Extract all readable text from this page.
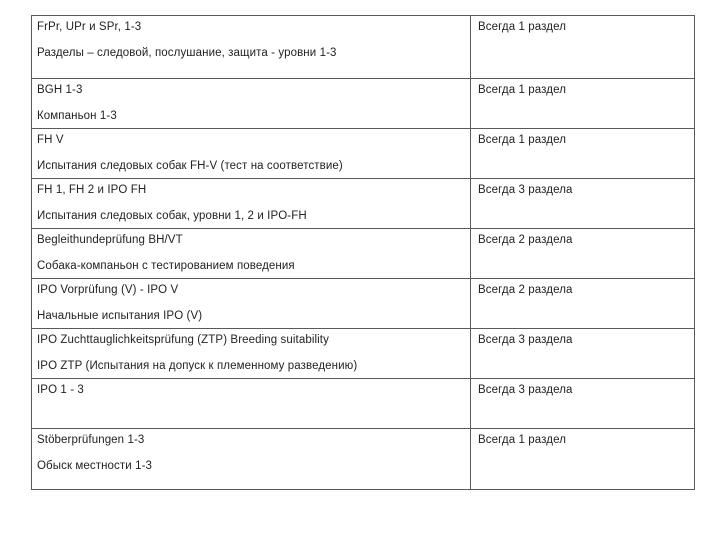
FrPr, UPr и SPr, 1-3
Разделы – следовой, послушание, защита - уровни 1-3	Всегда 1 раздел

BGH 1-3
Компаньон 1-3	Всегда 1 раздел

FH V
Испытания следовых собак FH-V (тест на соответствие)	Всегда 1 раздел

FH 1, FH 2 и IPO FH
Испытания следовых собак, уровни 1, 2 и IPO-FH	Всегда 3 раздела

Begleithundeprüfung BH/VT
Собака-компаньон с тестированием поведения	Всегда 2 раздела

IPO Vorprüfung (V) - IPO V
Начальные испытания IPO (V)	Всегда 2 раздела

IPO Zuchttauglichkeitsprüfung (ZTP) Breeding suitability
IPO ZTP (Испытания на допуск к племенному разведению)	Всегда 3 раздела

IPO 1 - 3	Всегда 3 раздела

Stöberprüfungen 1-3
Обыск местности 1-3	Всегда 1 раздел
